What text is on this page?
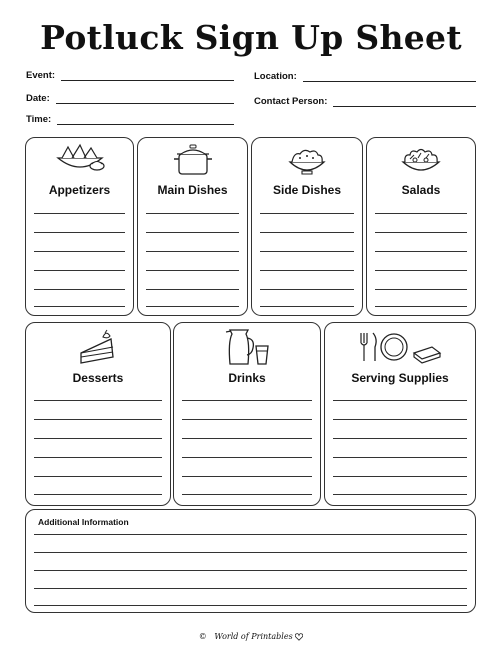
Potluck Sign Up Sheet
Event:
Date:
Time:
Location:
Contact Person:
Appetizers	Main Dishes	Side Dishes	Salads
Desserts	Drinks	Serving Supplies
Additional Information
© World of Printables
